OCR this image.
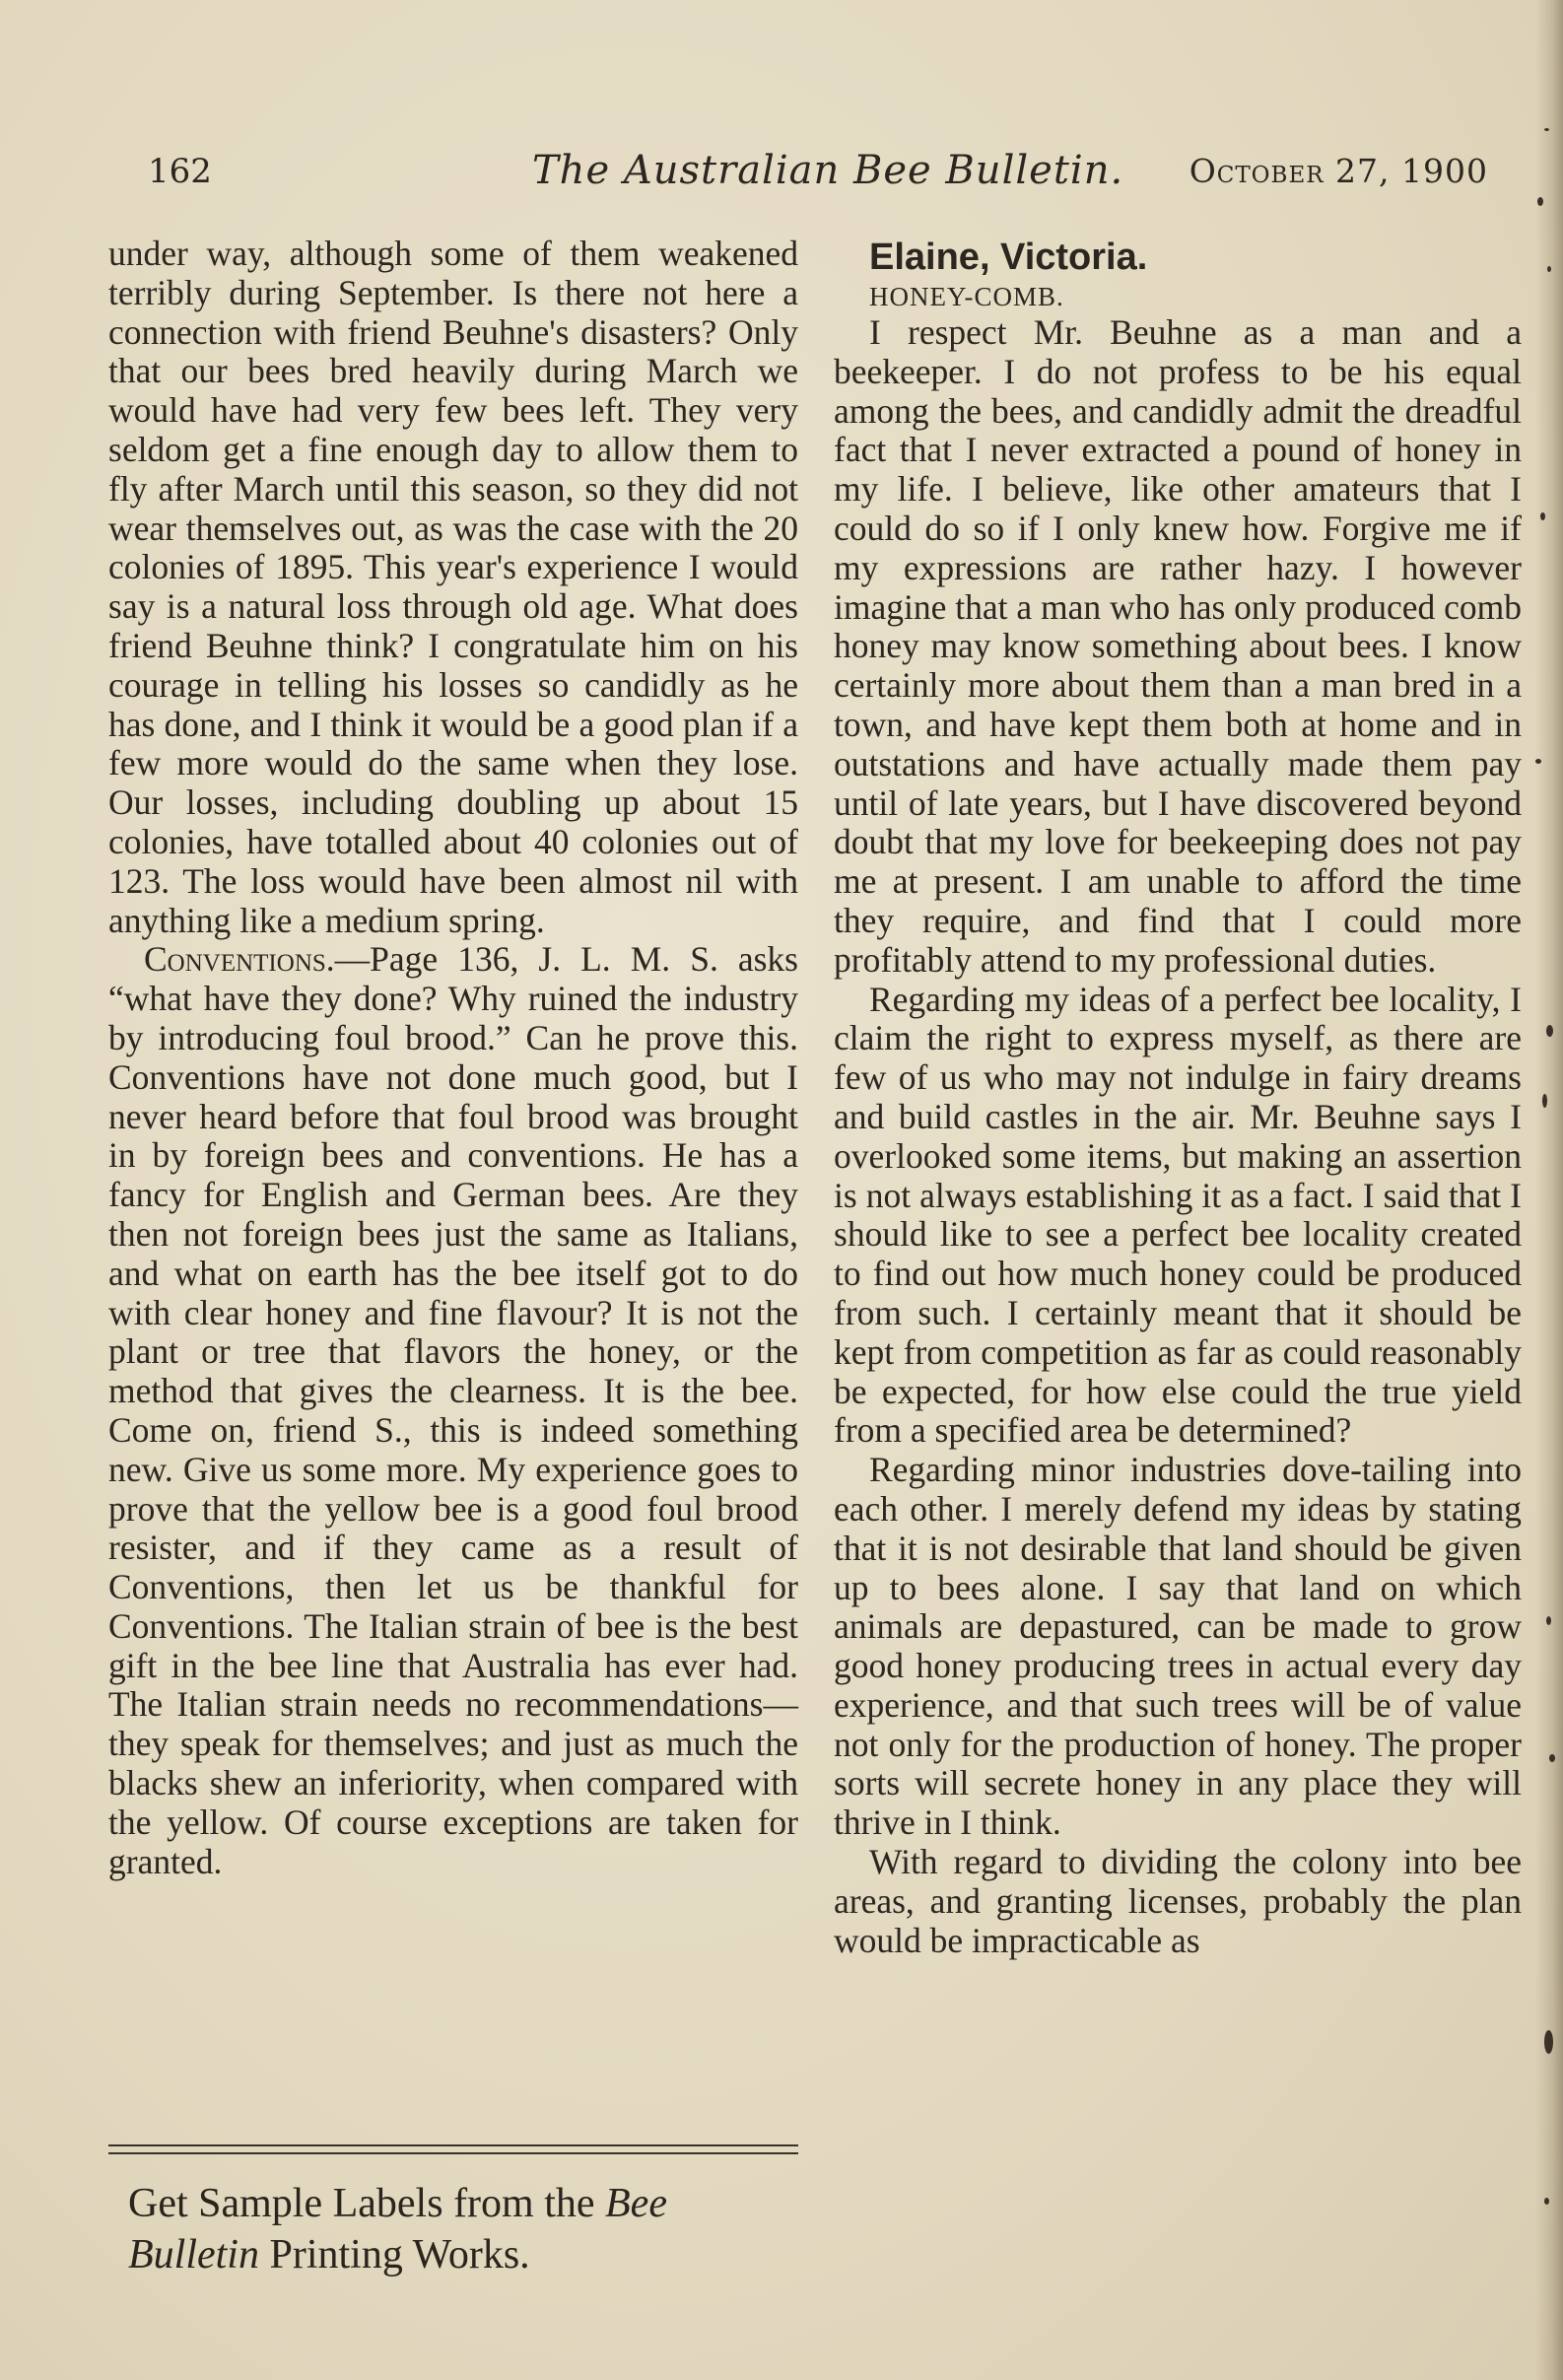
162	The Australian Bee Bulletin. October 27, 1900

under way, although some of them weakened terribly during September. Is there not here a connection with friend Beuhne's disasters? Only that our bees bred heavily during March we would have had very few bees left. They very seldom get a fine enough day to allow them to fly after March until this season, so they did not wear themselves out, as was the case with the 20 colonies of 1895. This year's experience I would say is a natural loss through old age. What does friend Beuhne think? I congratulate him on his courage in telling his losses so candidly as he has done, and I think it would be a good plan if a few more would do the same when they lose. Our losses, including doubling up about 15 colonies, have totalled about 40 colonies out of 123. The loss would have been almost nil with anything like a medium spring.

Conventions.—Page 136, J. L. M. S. asks “what have they done? Why ruined the industry by introducing foul brood.” Can he prove this. Conventions have not done much good, but I never heard before that foul brood was brought in by foreign bees and conventions. He has a fancy for English and German bees. Are they then not foreign bees just the same as Italians, and what on earth has the bee itself got to do with clear honey and fine flavour? It is not the plant or tree that flavors the honey, or the method that gives the clearness. It is the bee. Come on, friend S., this is indeed something new. Give us some more. My experience goes to prove that the yellow bee is a good foul brood resister, and if they came as a result of Conventions, then let us be thankful for Conventions. The Italian strain of bee is the best gift in the bee line that Australia has ever had. The Italian strain needs no recommendations—they speak for themselves; and just as much the blacks shew an inferiority, when compared with the yellow. Of course exceptions are taken for granted.

Get Sample Labels from the Bee Bulletin Printing Works.

Elaine, Victoria.

HONEY-COMB.

I respect Mr. Beuhne as a man and a beekeeper. I do not profess to be his equal among the bees, and candidly admit the dreadful fact that I never extracted a pound of honey in my life. I believe, like other amateurs that I could do so if I only knew how. Forgive me if my expressions are rather hazy. I however imagine that a man who has only produced comb honey may know something about bees. I know certainly more about them than a man bred in a town, and have kept them both at home and in outstations and have actually made them pay until of late years, but I have discovered beyond doubt that my love for beekeeping does not pay me at present. I am unable to afford the time they require, and find that I could more profitably attend to my professional duties.

Regarding my ideas of a perfect bee locality, I claim the right to express myself, as there are few of us who may not indulge in fairy dreams and build castles in the air. Mr. Beuhne says I overlooked some items, but making an assertion is not always establishing it as a fact. I said that I should like to see a perfect bee locality created to find out how much honey could be produced from such. I certainly meant that it should be kept from competition as far as could reasonably be expected, for how else could the true yield from a specified area be determined?

Regarding minor industries dove-tailing into each other. I merely defend my ideas by stating that it is not desirable that land should be given up to bees alone. I say that land on which animals are depastured, can be made to grow good honey producing trees in actual every day experience, and that such trees will be of value not only for the production of honey. The proper sorts will secrete honey in any place they will thrive in I think.

With regard to dividing the colony into bee areas, and granting licenses, probably the plan would be impracticable as
